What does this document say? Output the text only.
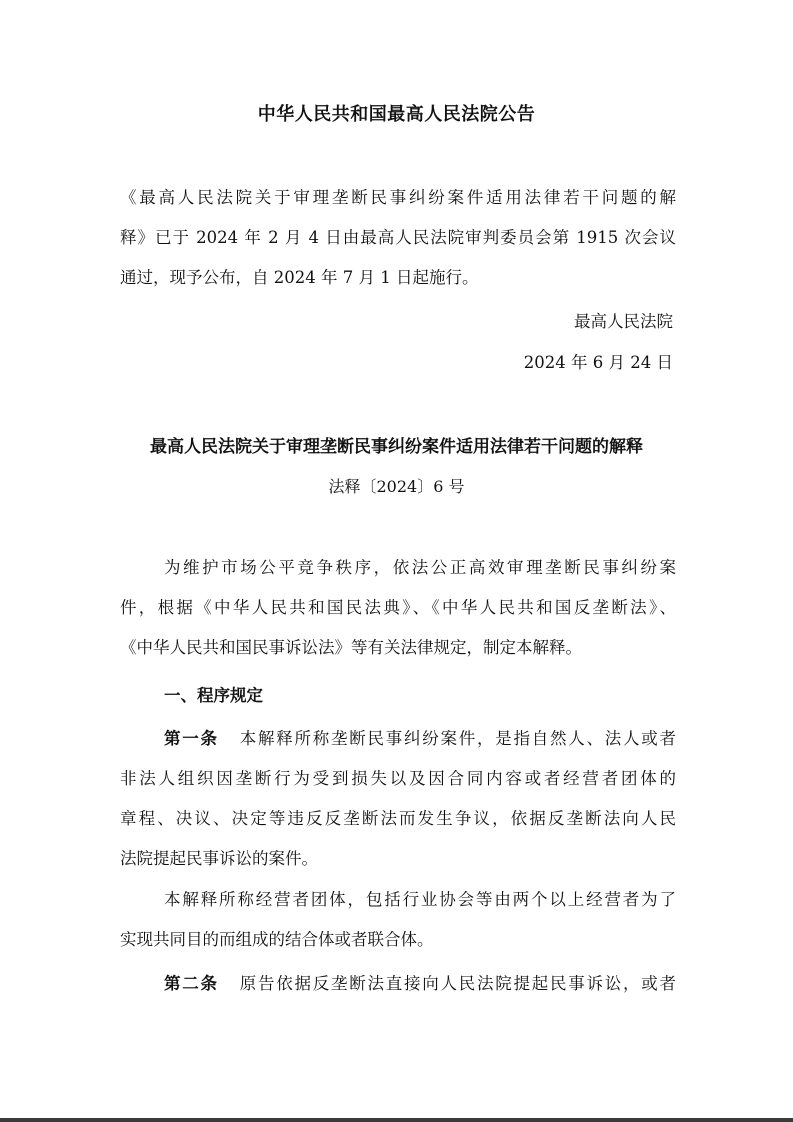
中华人民共和国最高人民法院公告
《最高人民法院关于审理垄断民事纠纷案件适用法律若干问题的解
释》已于 2024 年 2 月 4 日由最高人民法院审判委员会第 1915 次会议
通过，现予公布，自 2024 年 7 月 1 日起施行。
最高人民法院
2024 年 6 月 24 日
最高人民法院关于审理垄断民事纠纷案件适用法律若干问题的解释
法释〔2024〕6 号
为维护市场公平竞争秩序，依法公正高效审理垄断民事纠纷案
件，根据《中华人民共和国民法典》、《中华人民共和国反垄断法》、
《中华人民共和国民事诉讼法》等有关法律规定，制定本解释。
一、程序规定
第一条 本解释所称垄断民事纠纷案件，是指自然人、法人或者
非法人组织因垄断行为受到损失以及因合同内容或者经营者团体的
章程、决议、决定等违反反垄断法而发生争议，依据反垄断法向人民
法院提起民事诉讼的案件。
本解释所称经营者团体，包括行业协会等由两个以上经营者为了
实现共同目的而组成的结合体或者联合体。
第二条 原告依据反垄断法直接向人民法院提起民事诉讼，或者
